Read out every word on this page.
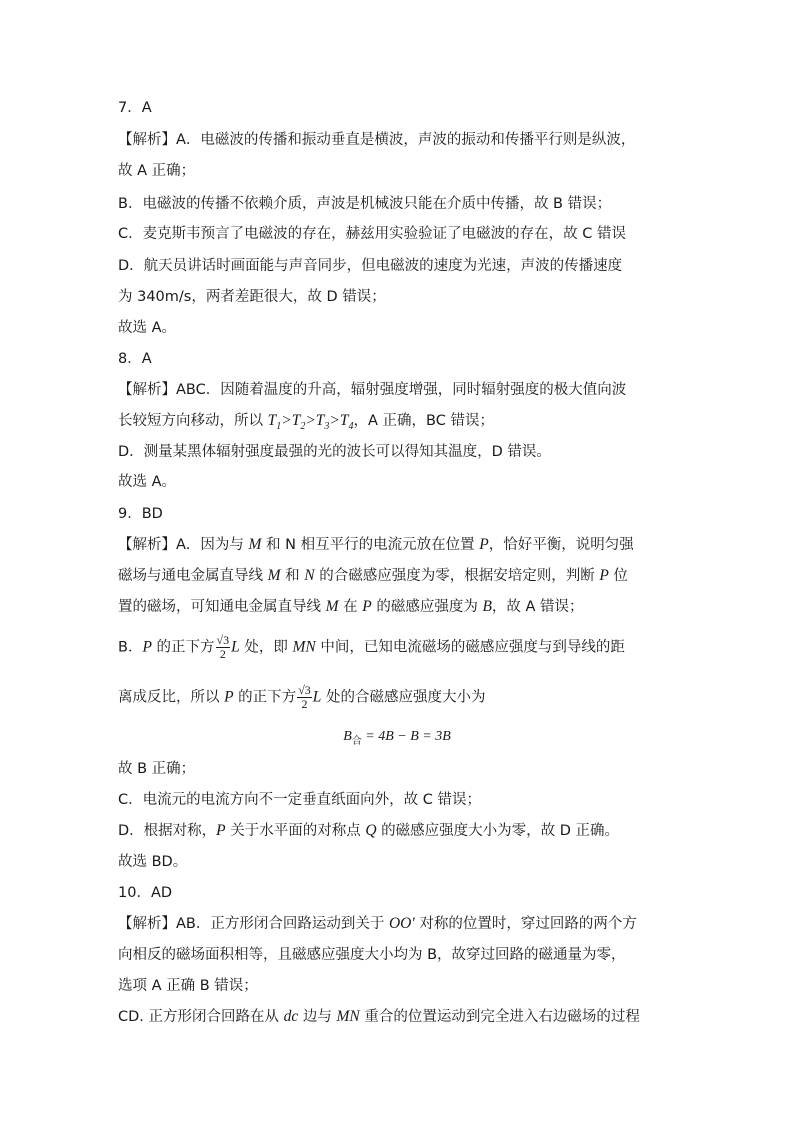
7．A
【解析】A．电磁波的传播和振动垂直是横波，声波的振动和传播平行则是纵波，
故 A 正确；
B．电磁波的传播不依赖介质，声波是机械波只能在介质中传播，故 B 错误；
C．麦克斯韦预言了电磁波的存在，赫兹用实验验证了电磁波的存在，故 C 错误
D．航天员讲话时画面能与声音同步，但电磁波的速度为光速，声波的传播速度
为 340m/s，两者差距很大，故 D 错误；
故选 A。
8．A
【解析】ABC．因随着温度的升高，辐射强度增强，同时辐射强度的极大值向波
长较短方向移动，所以 $T_1>T_2>T_3>T_4$，A 正确，BC 错误；
D．测量某黑体辐射强度最强的光的波长可以得知其温度，D 错误。
故选 A。
9．BD
【解析】A．因为与 M 和 N 相互平行的电流元放在位置 P，恰好平衡，说明匀强
磁场与通电金属直导线 M 和 N 的合磁感应强度为零，根据安培定则，判断 P 位
置的磁场，可知通电金属直导线 M 在 P 的磁感应强度为 B，故 A 错误；
B．P 的正下方 $\frac{√3}{2}$ L 处，即 MN 中间，已知电流磁场的磁感应强度与到导线的距
离成反比，所以 P 的正下方 $\frac{√3}{2}$ L 处的合磁感应强度大小为
$B_合 = 4B - B = 3B$
故 B 正确；
C．电流元的电流方向不一定垂直纸面向外，故 C 错误；
D．根据对称，P 关于水平面的对称点 Q 的磁感应强度大小为零，故 D 正确。
故选 BD。
10．AD
【解析】AB．正方形闭合回路运动到关于 OO′ 对称的位置时，穿过回路的两个方
向相反的磁场面积相等，且磁感应强度大小均为 B，故穿过回路的磁通量为零，
选项 A 正确 B 错误；
CD. 正方形闭合回路在从 dc 边与 MN 重合的位置运动到完全进入右边磁场的过程
